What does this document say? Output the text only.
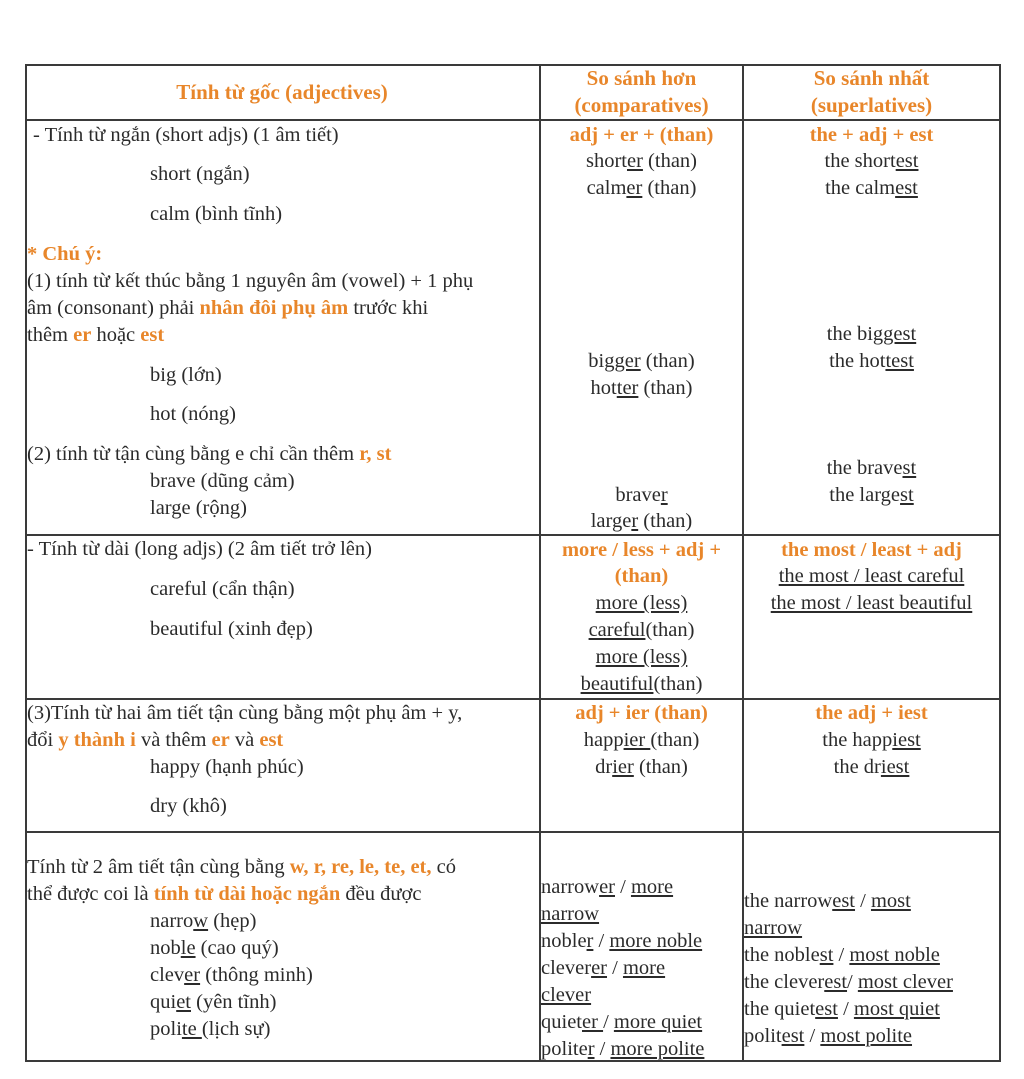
Tính từ gốc (adjectives)
So sánh hơn
(comparatives)
So sánh nhất
(superlatives)
- Tính từ ngắn (short adjs) (1 âm tiết)
short (ngắn)
calm (bình tĩnh)
* Chú ý:
(1) tính từ kết thúc bằng 1 nguyên âm (vowel) + 1 phụ
âm (consonant) phải nhân đôi phụ âm trước khi
thêm er hoặc est
big (lớn)
hot (nóng)
(2) tính từ tận cùng bằng e chỉ cần thêm r, st
brave (dũng cảm)
large (rộng)
adj + er + (than)
shorter (than)
calmer (than)
bigger (than)
hotter (than)
braver
larger (than)
the + adj + est
the shortest
the calmest
the biggest
the hottest
the bravest
the largest
- Tính từ dài (long adjs) (2 âm tiết trở lên)
careful (cẩn thận)
beautiful (xinh đẹp)
more / less + adj +
(than)
more (less)
careful(than)
more (less)
beautiful(than)
the most / least + adj
the most / least careful
the most / least beautiful
(3)Tính từ hai âm tiết tận cùng bằng một phụ âm + y,
đổi y thành i và thêm er và est
happy (hạnh phúc)
dry (khô)
adj + ier (than)
happier (than)
drier (than)
the adj + iest
the happiest
the driest
Tính từ 2 âm tiết tận cùng bằng w, r, re, le, te, et, có
thể được coi là tính từ dài hoặc ngắn đều được
narrow (hẹp)
noble (cao quý)
clever (thông minh)
quiet (yên tĩnh)
polite (lịch sự)
narrower / more
narrow
nobler / more noble
cleverer / more
clever
quieter / more quiet
politer / more polite
the narrowest / most
narrow
the noblest / most noble
the cleverest/ most clever
the quietest / most quiet
politest / most polite
